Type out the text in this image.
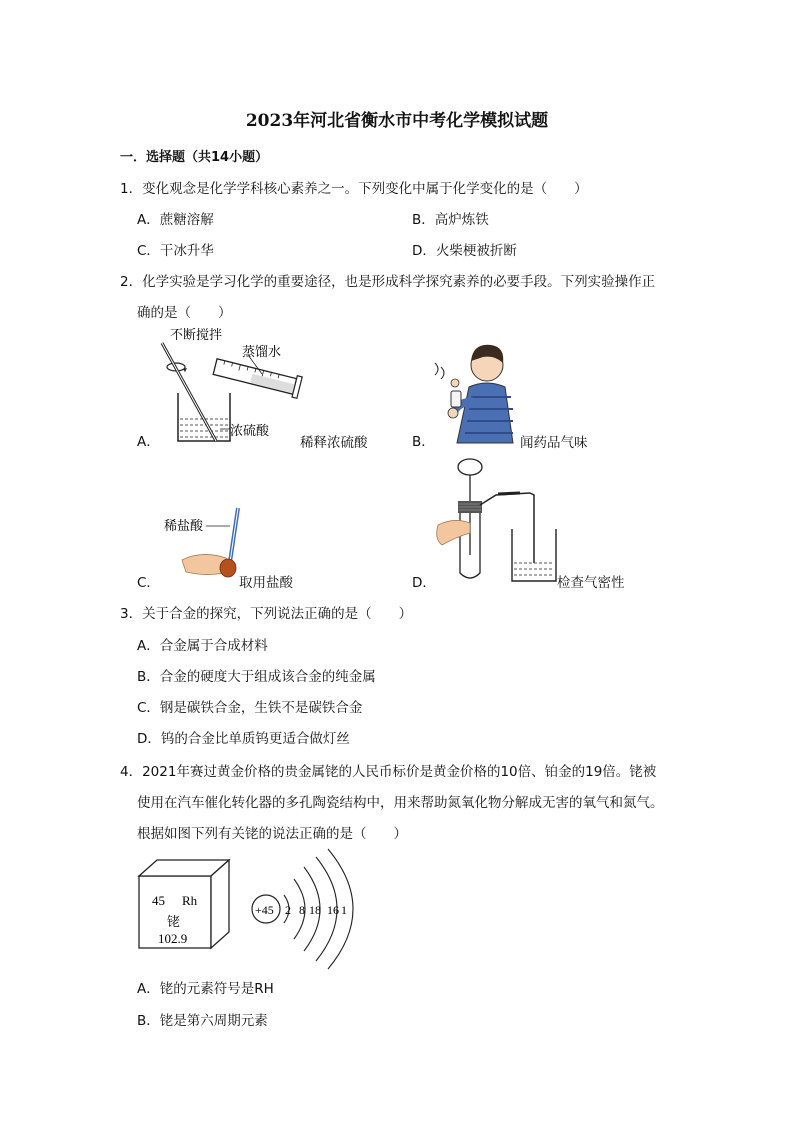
2023年河北省衡水市中考化学模拟试题
一．选择题（共14小题）
1．变化观念是化学学科核心素养之一。下列变化中属于化学变化的是（　　）
A．蔗糖溶解	B．高炉炼铁
C．干冰升华	D．火柴梗被折断
2．化学实验是学习化学的重要途径，也是形成科学探究素养的必要手段。下列实验操作正
确的是（　　）
A．
不断搅拌
蒸馏水
浓硫酸
稀释浓硫酸	B．	闻药品气味
C．
稀盐酸
取用盐酸	D．	检查气密性
3．关于合金的探究，下列说法正确的是（　　）
A．合金属于合成材料
B．合金的硬度大于组成该合金的纯金属
C．钢是碳铁合金，生铁不是碳铁合金
D．钨的合金比单质钨更适合做灯丝
4．2021年赛过黄金价格的贵金属铑的人民币标价是黄金价格的10倍、铂金的19倍。铑被
使用在汽车催化转化器的多孔陶瓷结构中，用来帮助氮氧化物分解成无害的氧气和氮气。
根据如图下列有关铑的说法正确的是（　　）
45 Rh
铑
102.9
+45 2 8 18 16 1
A．铑的元素符号是RH
B．铑是第六周期元素
